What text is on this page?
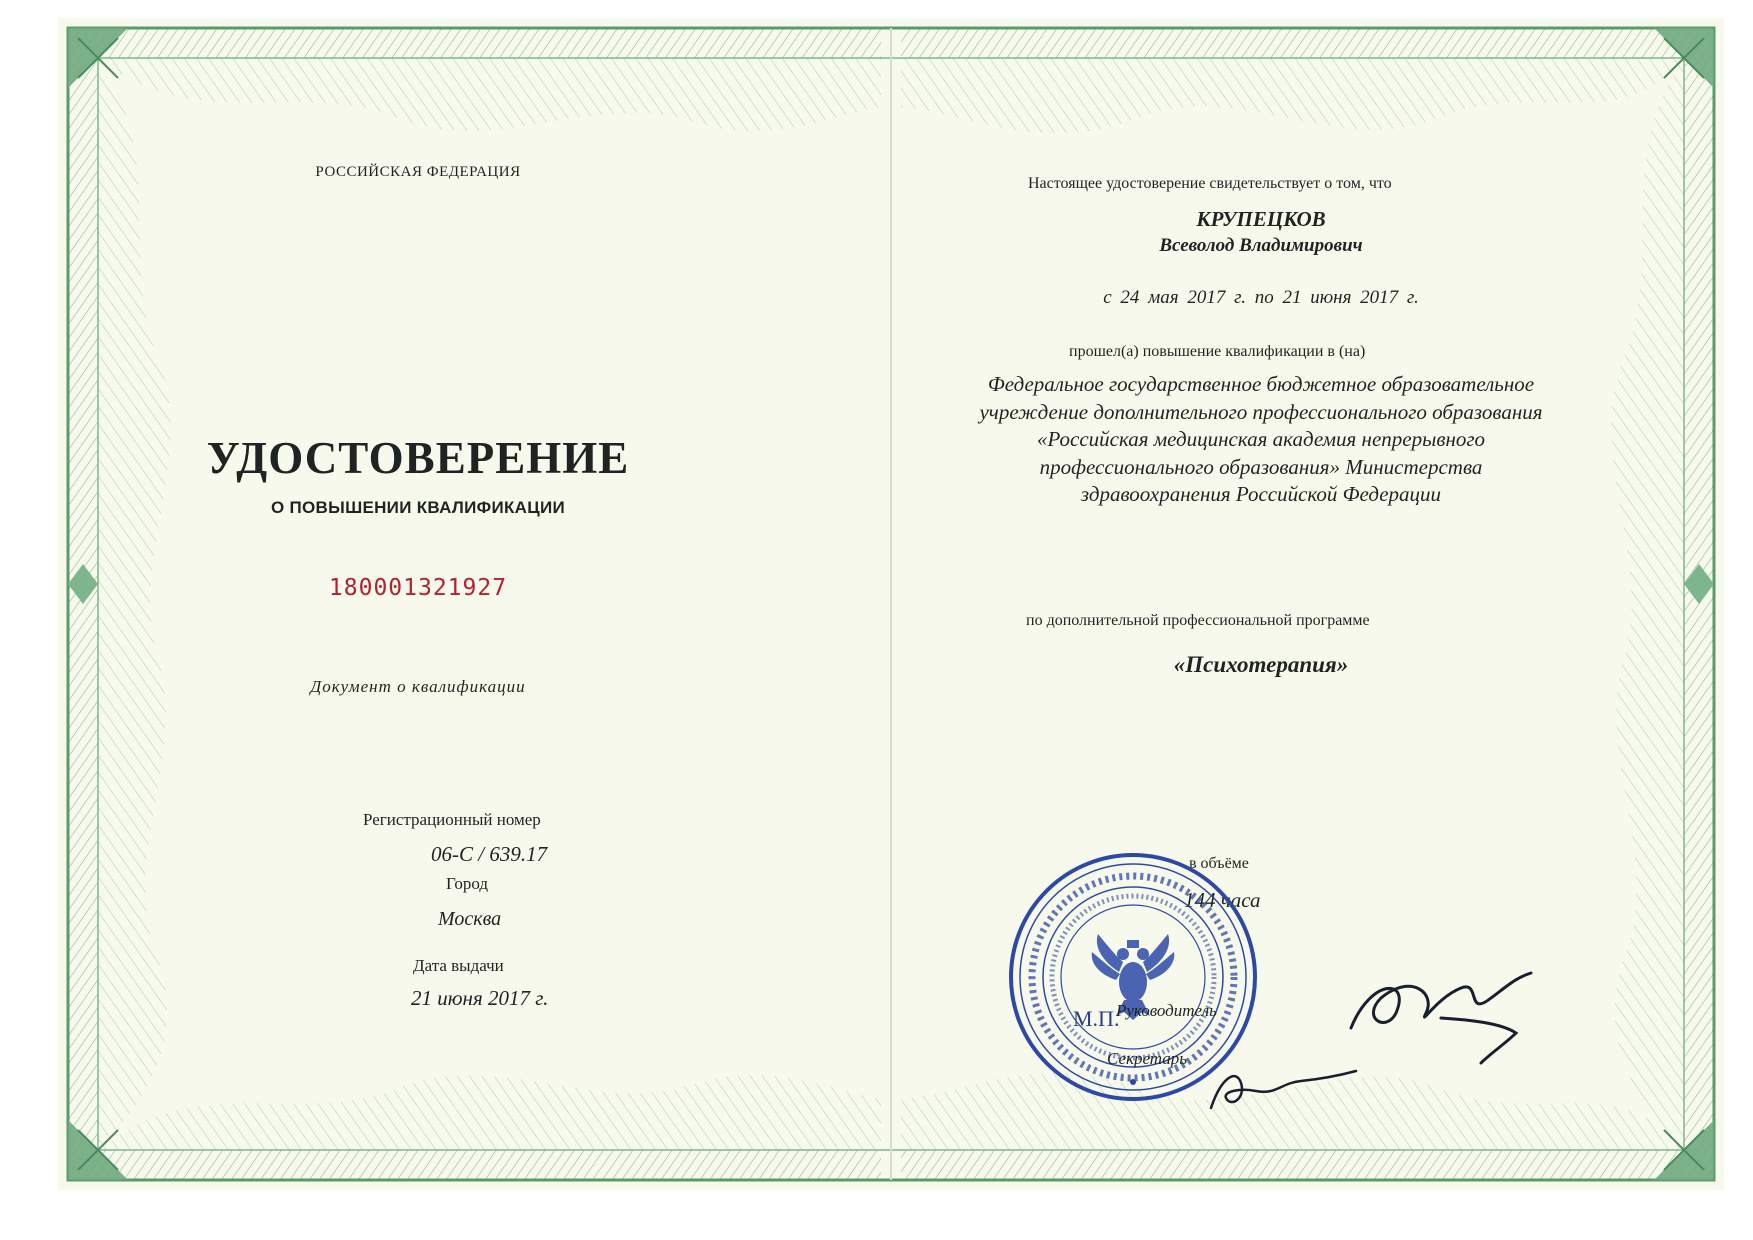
РОССИЙСКАЯ ФЕДЕРАЦИЯ
УДОСТОВЕРЕНИЕ
О ПОВЫШЕНИИ КВАЛИФИКАЦИИ
180001321927
Документ о квалификации
Регистрационный номер
06-С / 639.17
Город
Москва
Дата выдачи
21 июня 2017 г.
Настоящее удостоверение свидетельствует о том, что
КРУПЕЦКОВ
Всеволод Владимирович
с 24 мая 2017 г. по 21 июня 2017 г.
прошел(а) повышение квалификации в (на)
Федеральное государственное бюджетное образовательное
учреждение дополнительного профессионального образования
«Российская медицинская академия непрерывного
профессионального образования» Министерства
здравоохранения Российской Федерации
по дополнительной профессиональной программе
«Психотерапия»
в объёме
144 часа
М.П.
Руководитель
Секретарь
